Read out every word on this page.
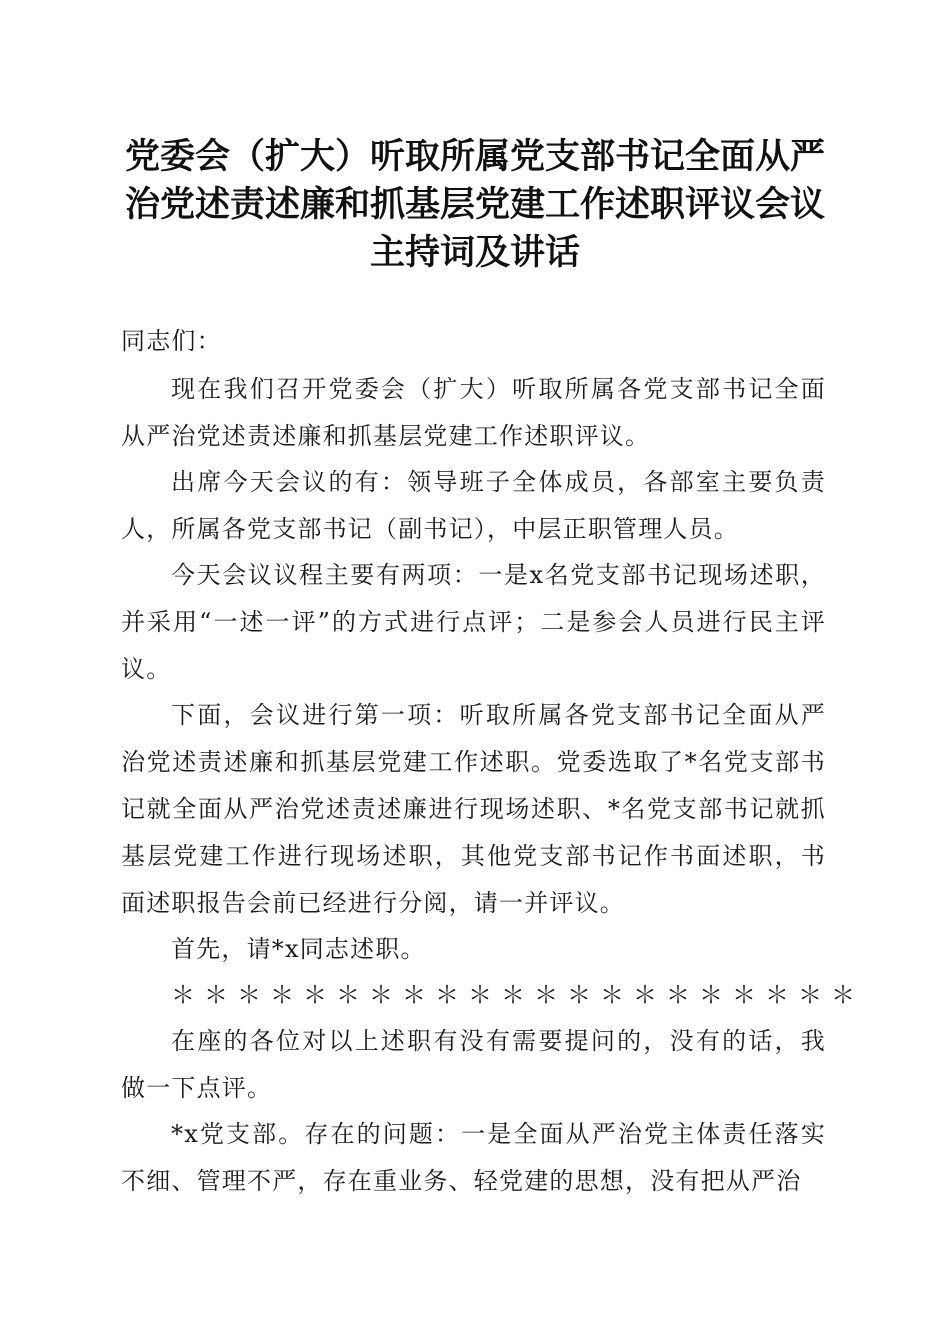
党委会（扩大）听取所属党支部书记全面从严
治党述责述廉和抓基层党建工作述职评议会议
主持词及讲话

同志们：

现在我们召开党委会（扩大）听取所属各党支部书记全面从严治党述责述廉和抓基层党建工作述职评议。

出席今天会议的有：领导班子全体成员，各部室主要负责人，所属各党支部书记（副书记），中层正职管理人员。

今天会议议程主要有两项：一是x名党支部书记现场述职，并采用“一述一评”的方式进行点评；二是参会人员进行民主评议。

下面，会议进行第一项：听取所属各党支部书记全面从严治党述责述廉和抓基层党建工作述职。党委选取了*名党支部书记就全面从严治党述责述廉进行现场述职、*名党支部书记就抓基层党建工作进行现场述职，其他党支部书记作书面述职，书面述职报告会前已经进行分阅，请一并评议。

首先，请*x同志述职。

＊＊＊＊＊＊＊＊＊＊＊＊＊＊＊＊＊＊＊＊＊

在座的各位对以上述职有没有需要提问的，没有的话，我做一下点评。

*x党支部。存在的问题：一是全面从严治党主体责任落实不细、管理不严，存在重业务、轻党建的思想，没有把从严治
